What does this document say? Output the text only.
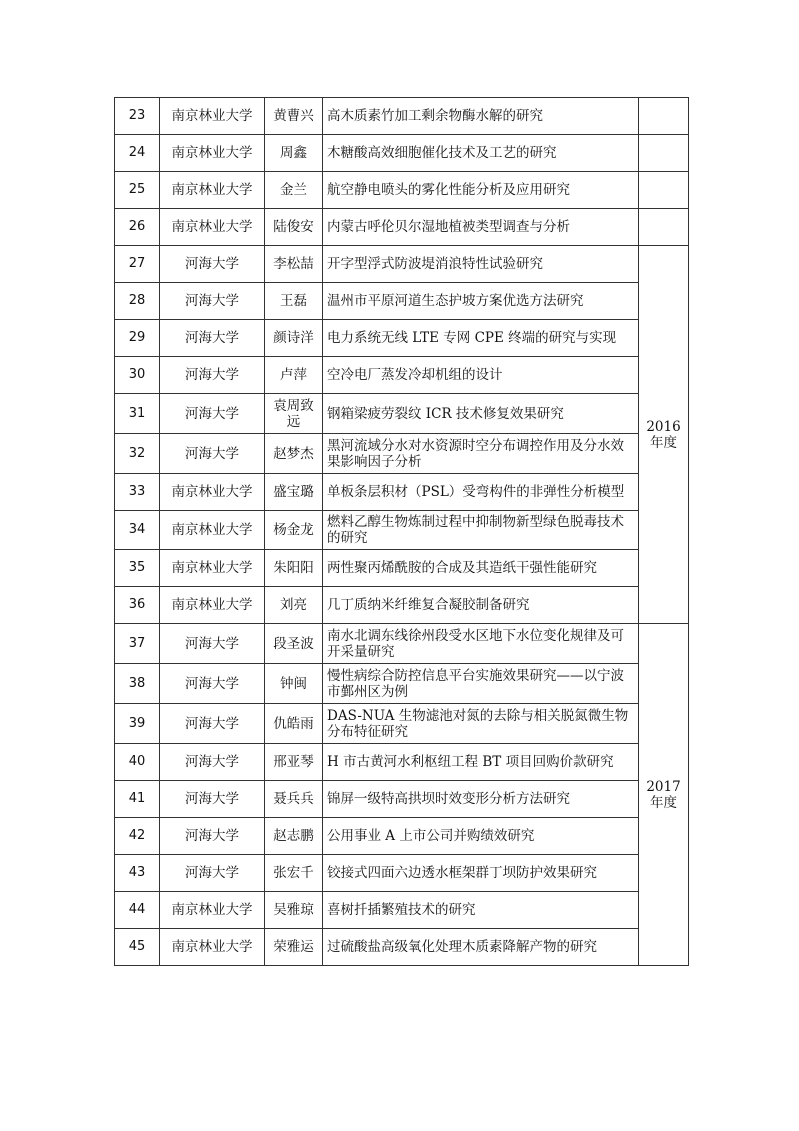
23	南京林业大学	黄曹兴	高木质素竹加工剩余物酶水解的研究	
24	南京林业大学	周鑫	木糖酸高效细胞催化技术及工艺的研究	
25	南京林业大学	金兰	航空静电喷头的雾化性能分析及应用研究	
26	南京林业大学	陆俊安	内蒙古呼伦贝尔湿地植被类型调查与分析	
27	河海大学	李松喆	开字型浮式防波堤消浪特性试验研究	2016
年度

28	河海大学	王磊	温州市平原河道生态护坡方案优选方法研究	
29	河海大学	颜诗洋	电力系统无线 LTE 专网 CPE 终端的研究与实现	
30	河海大学	卢萍	空冷电厂蒸发冷却机组的设计	
31	河海大学	袁周致远	钢箱梁疲劳裂纹 ICR 技术修复效果研究	
32	河海大学	赵梦杰	黑河流域分水对水资源时空分布调控作用及分水效果影响因子分析	
33	南京林业大学	盛宝璐	单板条层积材（PSL）受弯构件的非弹性分析模型	
34	南京林业大学	杨金龙	燃料乙醇生物炼制过程中抑制物新型绿色脱毒技术的研究	
35	南京林业大学	朱阳阳	两性聚丙烯酰胺的合成及其造纸干强性能研究	
36	南京林业大学	刘亮	几丁质纳米纤维复合凝胶制备研究	
37	河海大学	段圣波	南水北调东线徐州段受水区地下水位变化规律及可开采量研究	2017
年度

38	河海大学	钟闽	慢性病综合防控信息平台实施效果研究——以宁波市鄞州区为例	
39	河海大学	仇皓雨	DAS-NUA 生物滤池对氮的去除与相关脱氮微生物分布特征研究	
40	河海大学	邢亚琴	H 市古黄河水利枢纽工程 BT 项目回购价款研究	
41	河海大学	聂兵兵	锦屏一级特高拱坝时效变形分析方法研究	
42	河海大学	赵志鹏	公用事业 A 上市公司并购绩效研究	
43	河海大学	张宏千	铰接式四面六边透水框架群丁坝防护效果研究	
44	南京林业大学	吴雅琼	喜树扦插繁殖技术的研究	
45	南京林业大学	荣雅运	过硫酸盐高级氧化处理木质素降解产物的研究	
